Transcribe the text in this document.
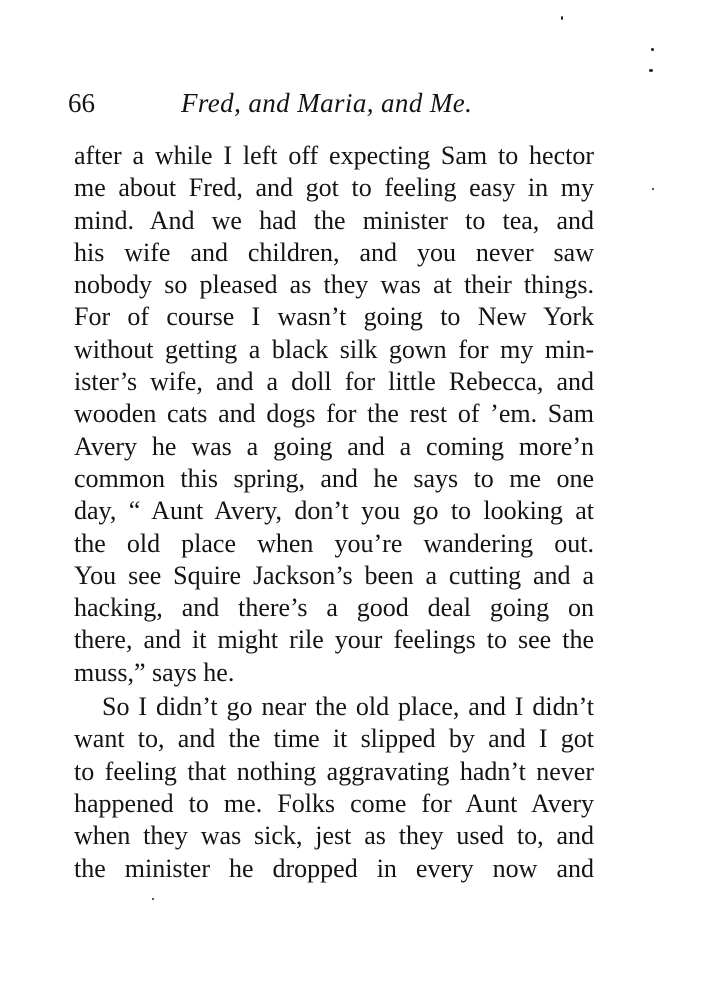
66	Fred, and Maria, and Me.
after a while I left off expecting Sam to hector
me about Fred, and got to feeling easy in my
mind. And we had the minister to tea, and
his wife and children, and you never saw
nobody so pleased as they was at their things.
For of course I wasn’t going to New York
without getting a black silk gown for my min-
ister’s wife, and a doll for little Rebecca, and
wooden cats and dogs for the rest of ’em. Sam
Avery he was a going and a coming more’n
common this spring, and he says to me one
day, “ Aunt Avery, don’t you go to looking at
the old place when you’re wandering out.
You see Squire Jackson’s been a cutting and a
hacking, and there’s a good deal going on
there, and it might rile your feelings to see the
muss,” says he.
So I didn’t go near the old place, and I didn’t
want to, and the time it slipped by and I got
to feeling that nothing aggravating hadn’t never
happened to me. Folks come for Aunt Avery
when they was sick, jest as they used to, and
the minister he dropped in every now and
